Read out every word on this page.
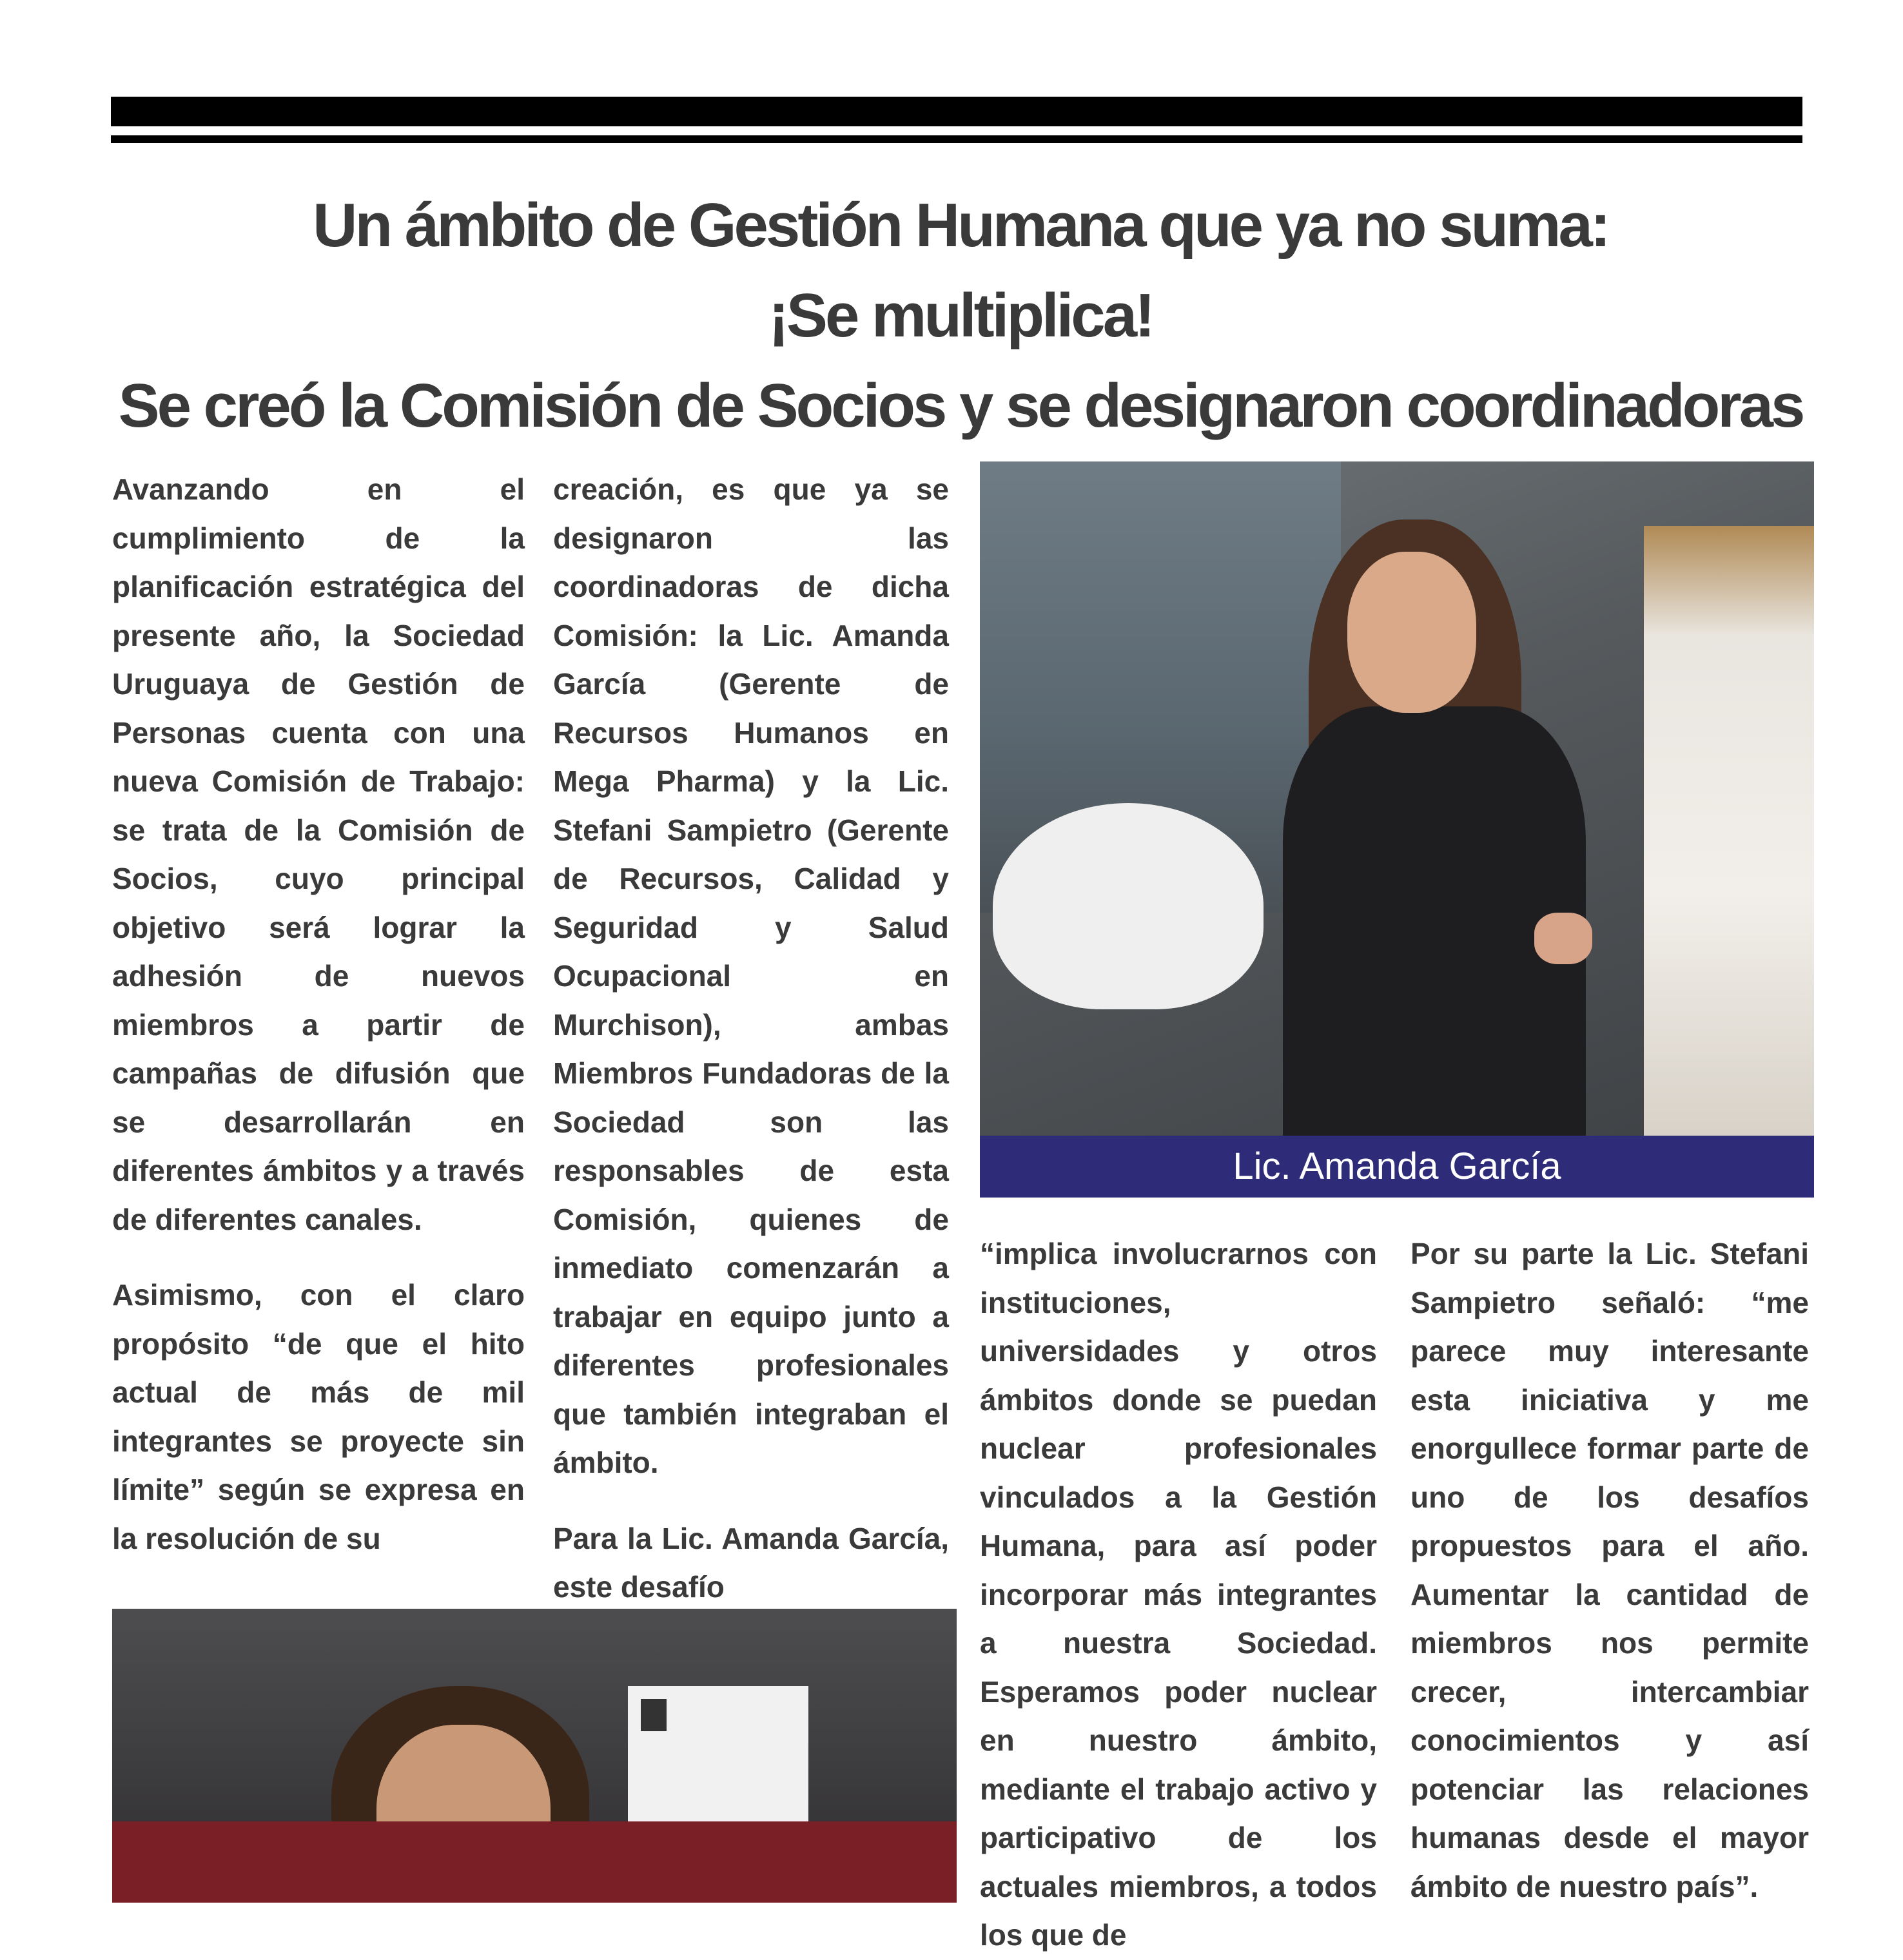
Un ámbito de Gestión Humana que ya no suma:
¡Se multiplica!
Se creó la Comisión de Socios y se designaron coordinadoras

Avanzando en el cumplimiento de la planificación estratégica del presente año, la Sociedad Uruguaya de Gestión de Personas cuenta con una nueva Comisión de Trabajo: se trata de la Comisión de Socios, cuyo principal objetivo será lograr la adhesión de nuevos miembros a partir de campañas de difusión que se desarrollarán en diferentes ámbitos y a través de diferentes canales.

Asimismo, con el claro propósito “de que el hito actual de más de mil integrantes se proyecte sin límite” según se expresa en la resolución de su

creación, es que ya se designaron las coordinadoras de dicha Comisión: la Lic. Amanda García (Gerente de Recursos Humanos en Mega Pharma) y la Lic. Stefani Sampietro (Gerente de Recursos, Calidad y Seguridad y Salud Ocupacional en Murchison), ambas Miembros Fundadoras de la Sociedad son las responsables de esta Comisión, quienes de inmediato comenzarán a trabajar en equipo junto a diferentes profesionales que también integraban el ámbito.

Para la Lic. Amanda García, este desafío

Lic. Amanda García

“implica involucrarnos con instituciones, universidades y otros ámbitos donde se puedan nuclear profesionales vinculados a la Gestión Humana, para así poder incorporar más integrantes a nuestra Sociedad. Esperamos poder nuclear en nuestro ámbito, mediante el trabajo activo y participativo de los actuales miembros, a todos los que de

Por su parte la Lic. Stefani Sampietro señaló: “me parece muy interesante esta iniciativa y me enorgullece formar parte de uno de los desafíos propuestos para el año. Aumentar la cantidad de miembros nos permite crecer, intercambiar conocimientos y así potenciar las relaciones humanas desde el mayor ámbito de nuestro país”.
